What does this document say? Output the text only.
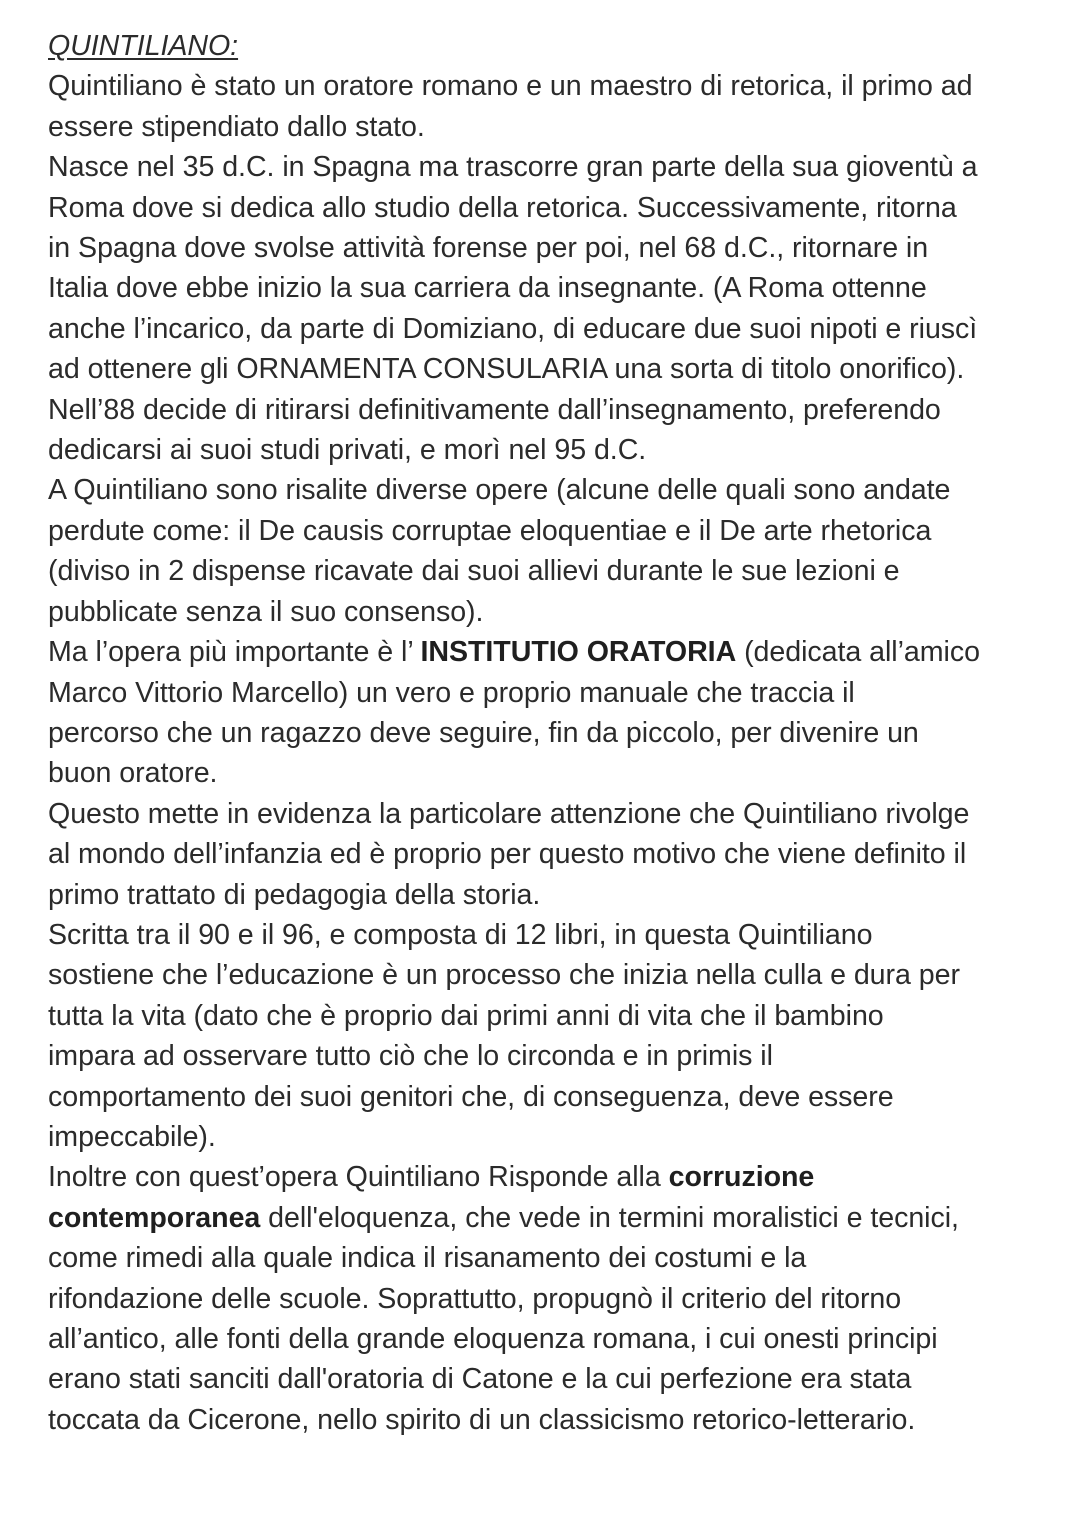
QUINTILIANO:

Quintiliano è stato un oratore romano e un maestro di retorica, il primo ad
essere stipendiato dallo stato.

Nasce nel 35 d.C. in Spagna ma trascorre gran parte della sua gioventù a
Roma dove si dedica allo studio della retorica. Successivamente, ritorna
in Spagna dove svolse attività forense per poi, nel 68 d.C., ritornare in
Italia dove ebbe inizio la sua carriera da insegnante. (A Roma ottenne
anche l’incarico, da parte di Domiziano, di educare due suoi nipoti e riuscì
ad ottenere gli ORNAMENTA CONSULARIA una sorta di titolo onorifico).
Nell’88 decide di ritirarsi definitivamente dall’insegnamento, preferendo
dedicarsi ai suoi studi privati, e morì nel 95 d.C.

A Quintiliano sono risalite diverse opere (alcune delle quali sono andate
perdute come: il De causis corruptae eloquentiae e il De arte rhetorica
(diviso in 2 dispense ricavate dai suoi allievi durante le sue lezioni e
pubblicate senza il suo consenso).

Ma l’opera più importante è l’ INSTITUTIO ORATORIA (dedicata all’amico
Marco Vittorio Marcello) un vero e proprio manuale che traccia il
percorso che un ragazzo deve seguire, fin da piccolo, per divenire un
buon oratore.

Questo mette in evidenza la particolare attenzione che Quintiliano rivolge
al mondo dell’infanzia ed è proprio per questo motivo che viene definito il
primo trattato di pedagogia della storia.

Scritta tra il 90 e il 96, e composta di 12 libri, in questa Quintiliano
sostiene che l’educazione è un processo che inizia nella culla e dura per
tutta la vita (dato che è proprio dai primi anni di vita che il bambino
impara ad osservare tutto ciò che lo circonda e in primis il
comportamento dei suoi genitori che, di conseguenza, deve essere
impeccabile).

Inoltre con quest’opera Quintiliano Risponde alla corruzione
contemporanea dell'eloquenza, che vede in termini moralistici e tecnici,
come rimedi alla quale indica il risanamento dei costumi e la
rifondazione delle scuole. Soprattutto, propugnò il criterio del ritorno
all’antico, alle fonti della grande eloquenza romana, i cui onesti principi
erano stati sanciti dall'oratoria di Catone e la cui perfezione era stata
toccata da Cicerone, nello spirito di un classicismo retorico-letterario.
